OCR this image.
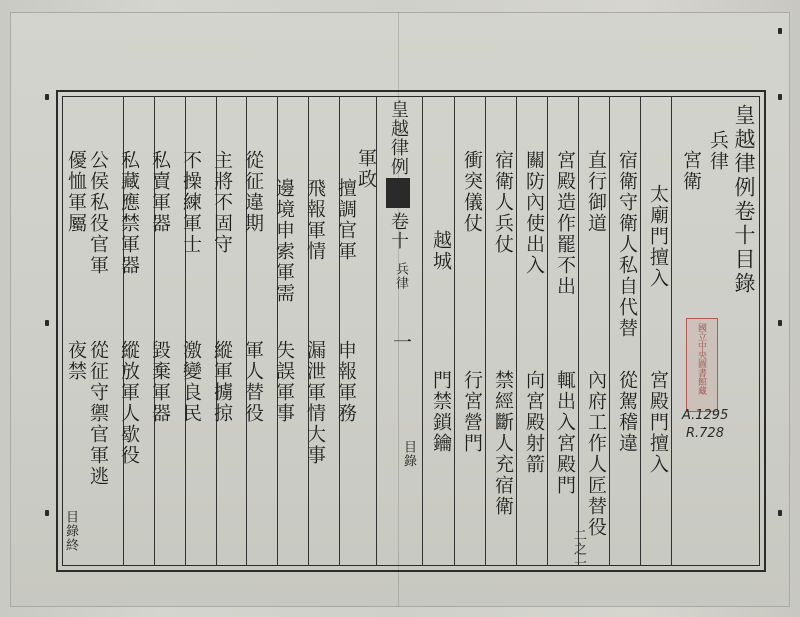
皇越律例卷十目錄
兵律
宮衛
太廟門擅入
宮殿門擅入
宿衛守衛人私自代替
從駕稽違
直行御道
內府工作人匠替役
宮殿造作罷不出
輒出入宮殿門
關防內使出入
向宮殿射箭
宿衛人兵仗
禁經斷人充宿衛
衝突儀仗
行宮營門
越城
門禁鎖鑰
二之一
皇越律例
卷十
兵律
一
目錄
軍政
擅調官軍
申報軍務
飛報軍情
漏泄軍情大事
邊境申索軍需
失誤軍事
從征違期
軍人替役
主將不固守
縱軍擄掠
不操練軍士
激變良民
私賣軍器
毀棄軍器
私藏應禁軍器
縱放軍人歇役
公侯私役官軍
從征守禦官軍逃
優恤軍屬
夜禁
目錄終
國立中央圖書館藏
A.1295
R.728
